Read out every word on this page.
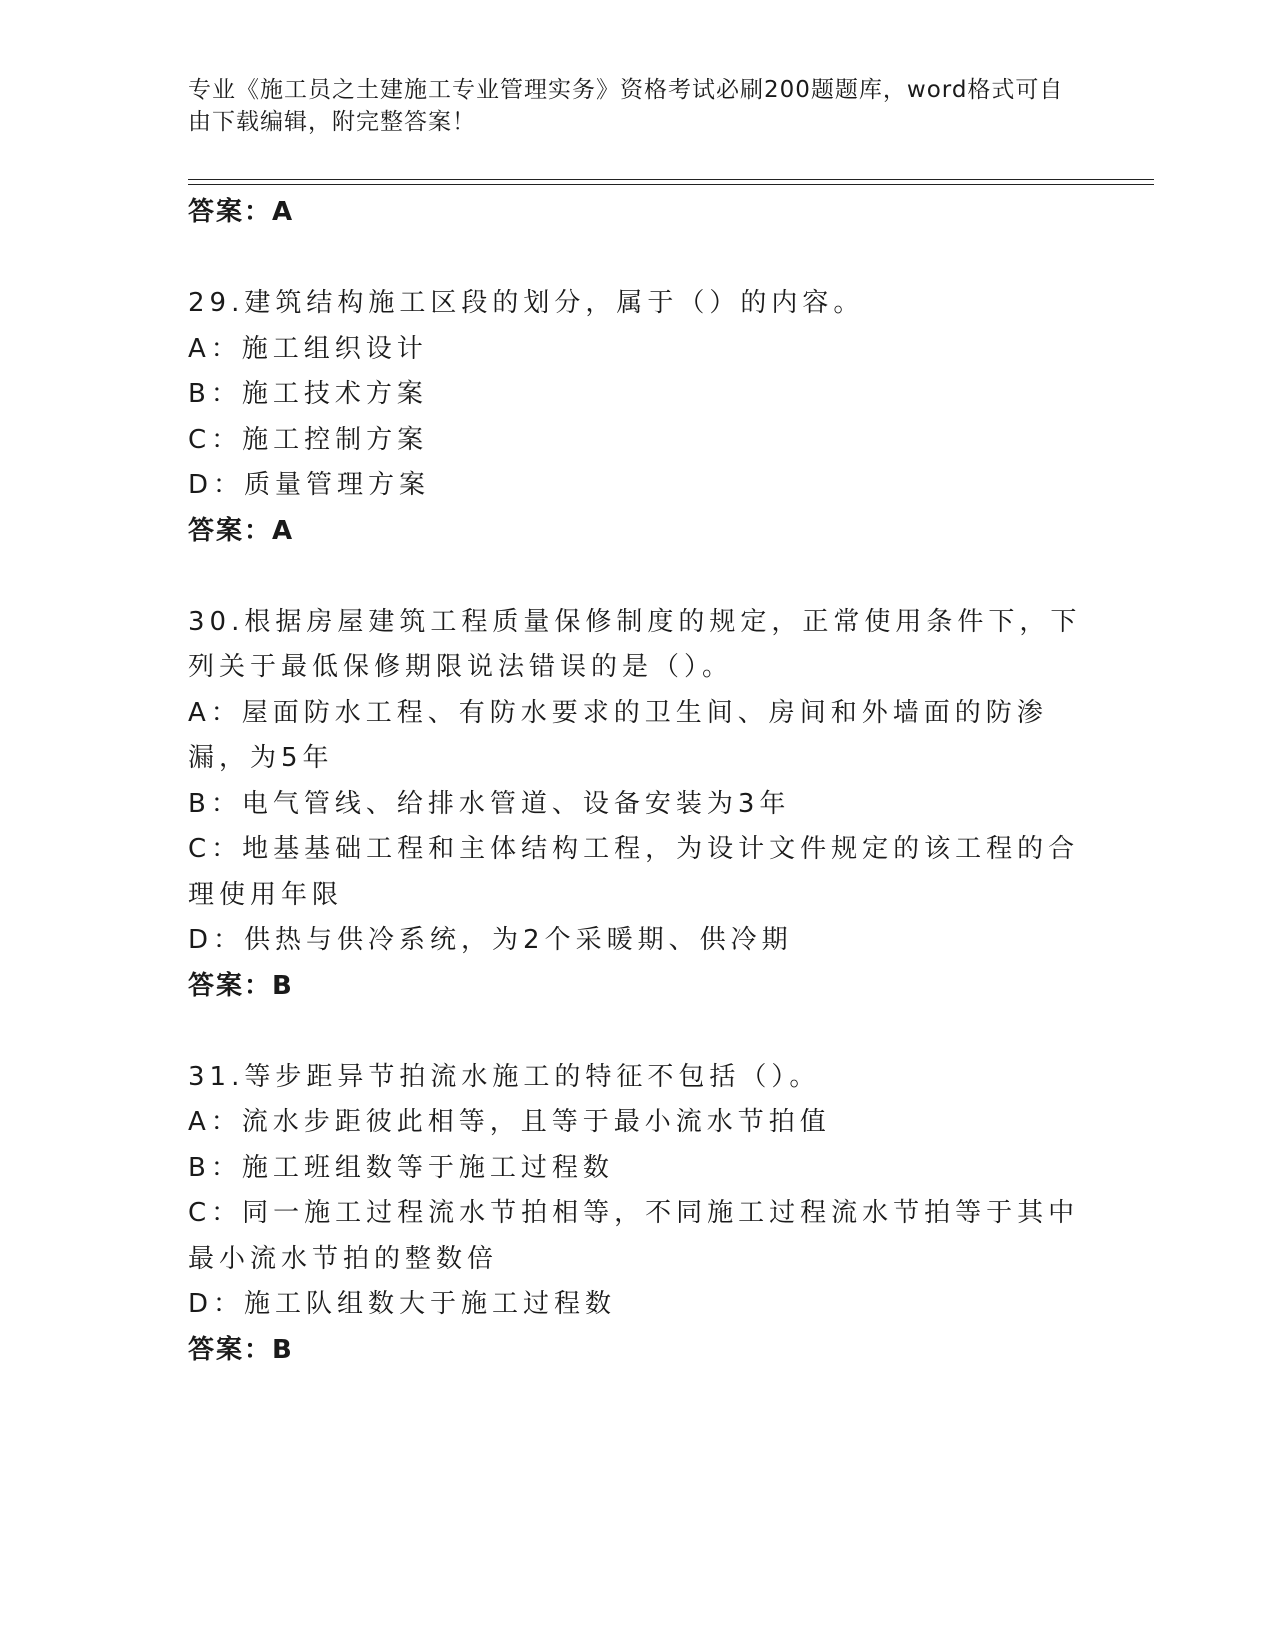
专业《施工员之土建施工专业管理实务》资格考试必刷200题题库，word格式可自由下载编辑，附完整答案！
答案：A
29.建筑结构施工区段的划分，属于（）的内容。
A：施工组织设计
B：施工技术方案
C：施工控制方案
D：质量管理方案
答案：A
30.根据房屋建筑工程质量保修制度的规定，正常使用条件下，下列关于最低保修期限说法错误的是（）。
A：屋面防水工程、有防水要求的卫生间、房间和外墙面的防渗漏，为5年
B：电气管线、给排水管道、设备安装为3年
C：地基基础工程和主体结构工程，为设计文件规定的该工程的合理使用年限
D：供热与供冷系统，为2个采暖期、供冷期
答案：B
31.等步距异节拍流水施工的特征不包括（）。
A：流水步距彼此相等，且等于最小流水节拍值
B：施工班组数等于施工过程数
C：同一施工过程流水节拍相等，不同施工过程流水节拍等于其中最小流水节拍的整数倍
D：施工队组数大于施工过程数
答案：B
